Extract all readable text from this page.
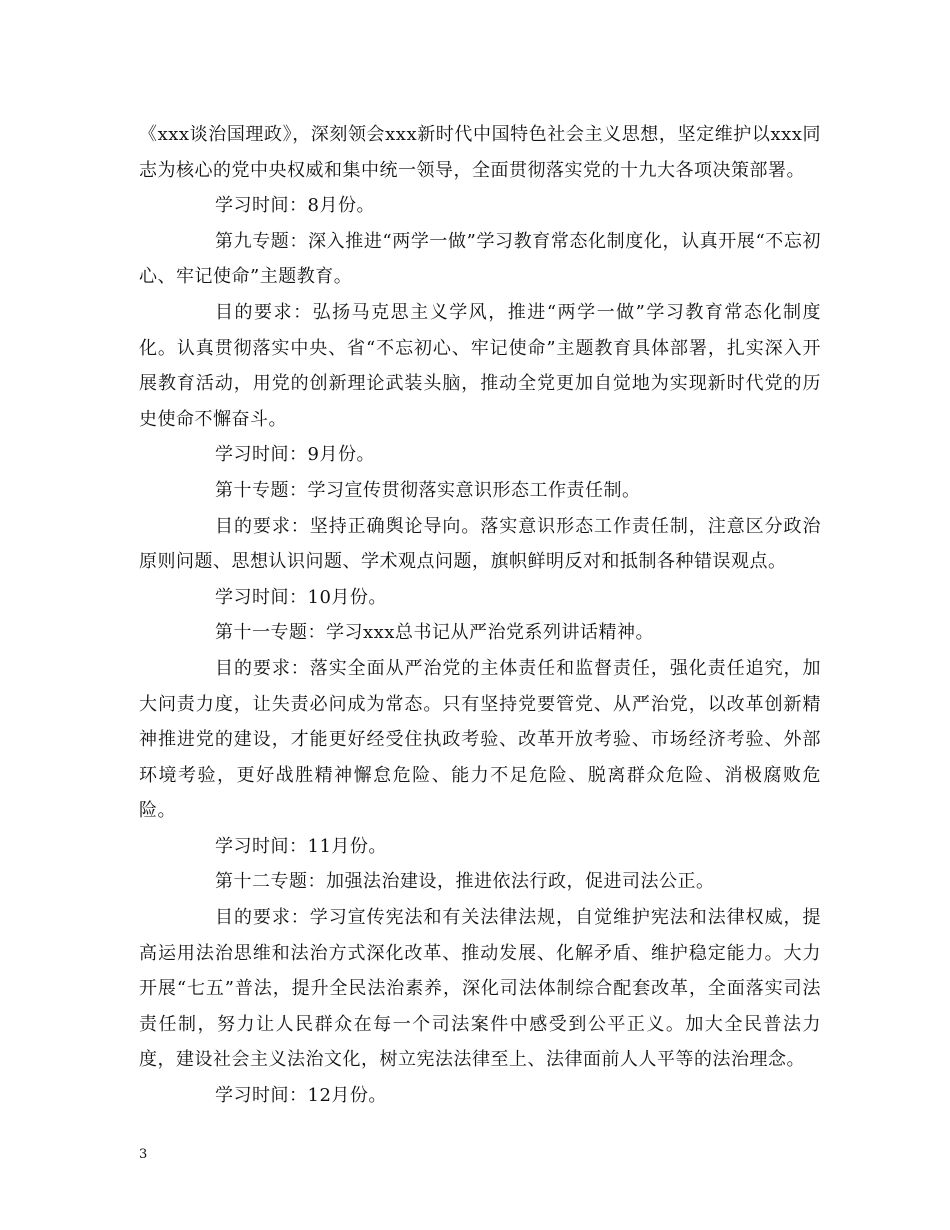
《xxx谈治国理政》，深刻领会xxx新时代中国特色社会主义思想，坚定维护以xxx同志为核心的党中央权威和集中统一领导，全面贯彻落实党的十九大各项决策部署。

学习时间：8月份。

第九专题：深入推进“两学一做”学习教育常态化制度化，认真开展“不忘初心、牢记使命”主题教育。

目的要求：弘扬马克思主义学风，推进“两学一做”学习教育常态化制度化。认真贯彻落实中央、省“不忘初心、牢记使命”主题教育具体部署，扎实深入开展教育活动，用党的创新理论武装头脑，推动全党更加自觉地为实现新时代党的历史使命不懈奋斗。

学习时间：9月份。

第十专题：学习宣传贯彻落实意识形态工作责任制。

目的要求：坚持正确舆论导向。落实意识形态工作责任制，注意区分政治原则问题、思想认识问题、学术观点问题，旗帜鲜明反对和抵制各种错误观点。

学习时间：10月份。

第十一专题：学习xxx总书记从严治党系列讲话精神。

目的要求：落实全面从严治党的主体责任和监督责任，强化责任追究，加大问责力度，让失责必问成为常态。只有坚持党要管党、从严治党，以改革创新精神推进党的建设，才能更好经受住执政考验、改革开放考验、市场经济考验、外部环境考验，更好战胜精神懈怠危险、能力不足危险、脱离群众危险、消极腐败危险。

学习时间：11月份。

第十二专题：加强法治建设，推进依法行政，促进司法公正。

目的要求：学习宣传宪法和有关法律法规，自觉维护宪法和法律权威，提高运用法治思维和法治方式深化改革、推动发展、化解矛盾、维护稳定能力。大力开展“七五”普法，提升全民法治素养，深化司法体制综合配套改革，全面落实司法责任制，努力让人民群众在每一个司法案件中感受到公平正义。加大全民普法力度，建设社会主义法治文化，树立宪法法律至上、法律面前人人平等的法治理念。

学习时间：12月份。

3
